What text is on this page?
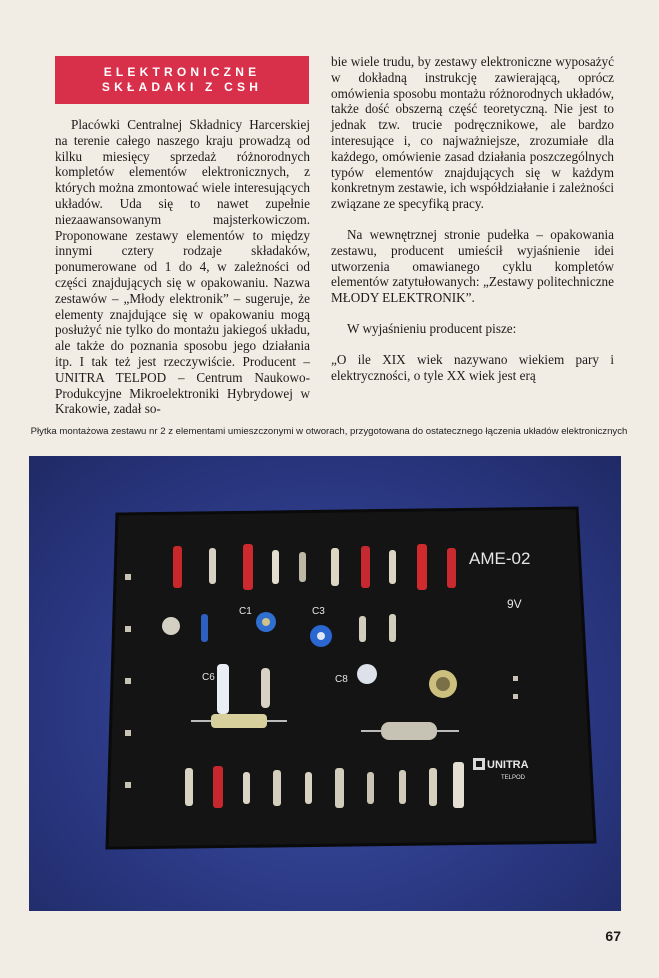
ELEKTRONICZNE
SKŁADAKI Z CSH

Placówki Centralnej Składnicy Harcerskiej na terenie całego naszego kraju prowadzą od kilku miesięcy sprzedaż różnorodnych kompletów elementów elektronicznych, z których można zmontować wiele interesujących układów. Uda się to nawet zupełnie niezaawansowanym majsterkowiczom. Proponowane zestawy elementów to między innymi cztery rodzaje składaków, ponumerowane od 1 do 4, w zależności od części znajdujących się w opakowaniu. Nazwa zestawów – „Młody elektronik” – sugeruje, że elementy znajdujące się w opakowaniu mogą posłużyć nie tylko do montażu jakiegoś układu, ale także do poznania sposobu jego działania itp. I tak też jest rzeczywiście. Producent – UNITRA TELPOD – Centrum Naukowo-Produkcyjne Mikroelektroniki Hybrydowej w Krakowie, zadał so-

bie wiele trudu, by zestawy elektroniczne wyposażyć w dokładną instrukcję zawierającą, oprócz omówienia sposobu montażu różnorodnych układów, także dość obszerną część teoretyczną. Nie jest to jednak tzw. trucie podręcznikowe, ale bardzo interesujące i, co najważniejsze, zrozumiałe dla każdego, omówienie zasad działania poszczególnych typów elementów znajdujących się w każdym konkretnym zestawie, ich współdziałanie i zależności związane ze specyfiką pracy.

Na wewnętrznej stronie pudełka – opakowania zestawu, producent umieścił wyjaśnienie idei utworzenia omawianego cyklu kompletów elementów zatytułowanych: „Zestawy politechniczne MŁODY ELEKTRONIK”.

W wyjaśnieniu producent pisze:

„O ile XIX wiek nazywano wiekiem pary i elektryczności, o tyle XX wiek jest erą

Płytka montażowa zestawu nr 2 z elementami umieszczonymi w otworach, przygotowana do ostatecznego łączenia układów elektronicznych
AME-02
9V
C1	C3
C6	C8
UNITRA
TELPOD
67
